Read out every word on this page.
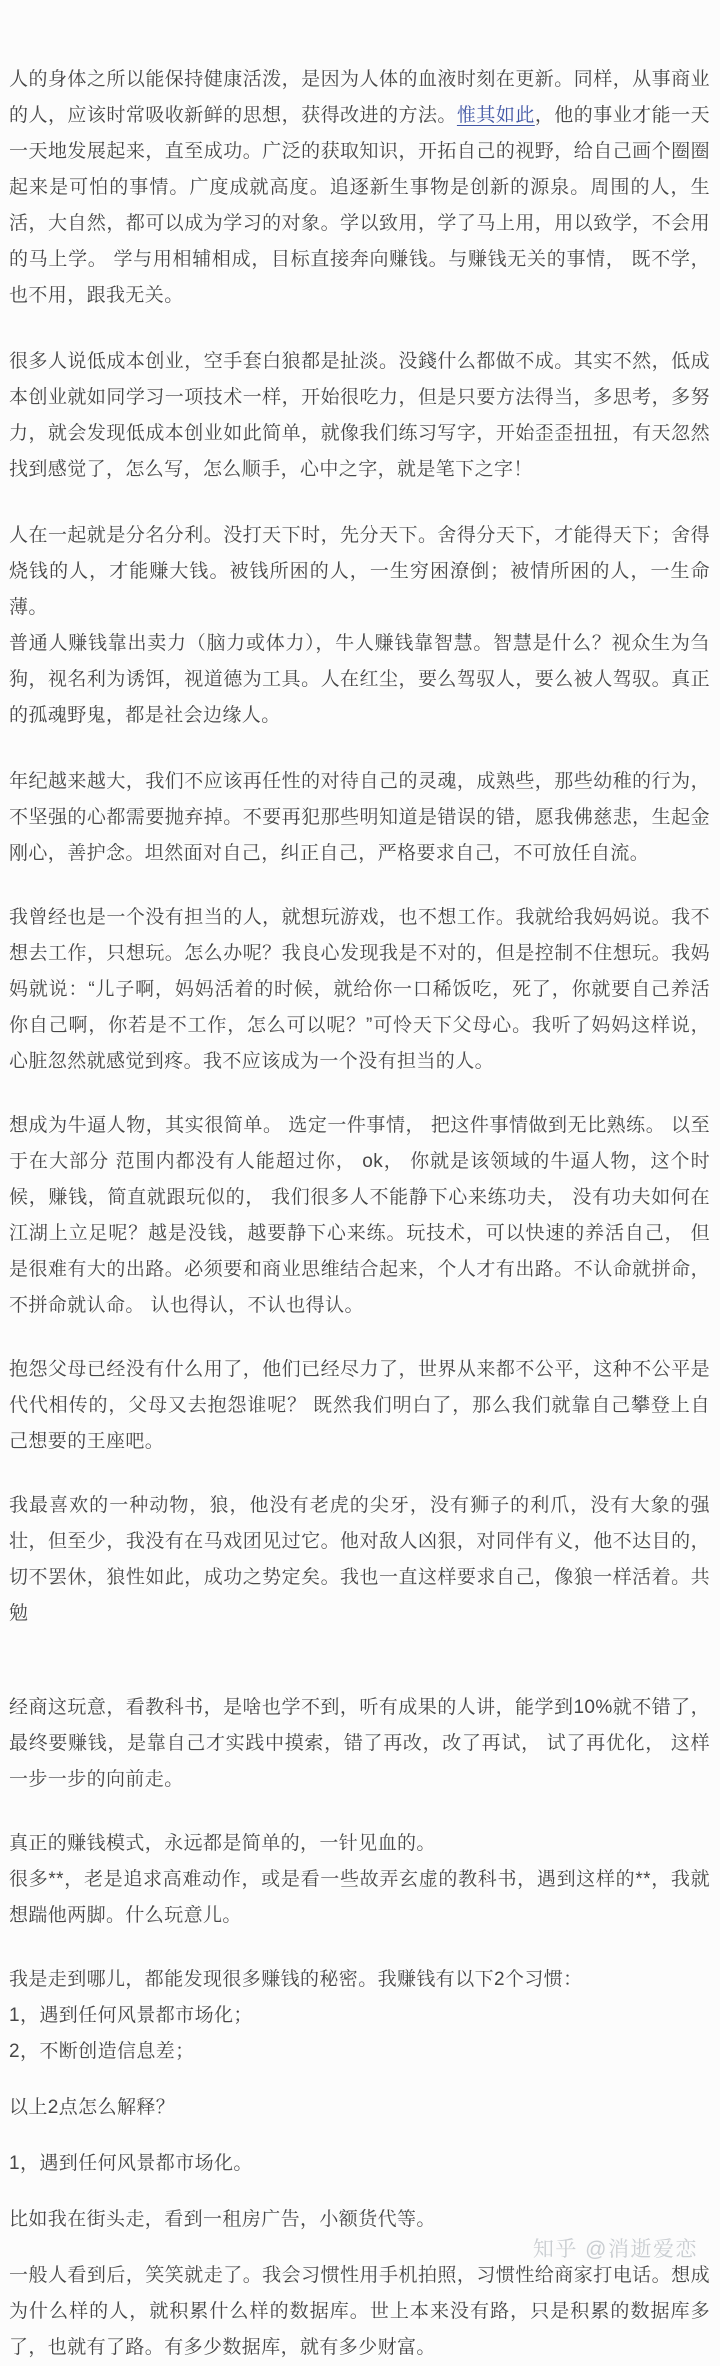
人的身体之所以能保持健康活泼，是因为人体的血液时刻在更新。同样，从事商业的人，应该时常吸收新鲜的思想，获得改进的方法。惟其如此，他的事业才能一天一天地发展起来，直至成功。广泛的获取知识，开拓自己的视野，给自己画个圈圈起来是可怕的事情。广度成就高度。追逐新生事物是创新的源泉。周围的人，生活，大自然，都可以成为学习的对象。学以致用，学了马上用，用以致学，不会用的马上学。 学与用相辅相成，目标直接奔向赚钱。与赚钱无关的事情， 既不学，也不用，跟我无关。

很多人说低成本创业，空手套白狼都是扯淡。没錢什么都做不成。其实不然，低成本创业就如同学习一项技术一样，开始很吃力，但是只要方法得当，多思考，多努力，就会发现低成本创业如此简单，就像我们练习写字，开始歪歪扭扭，有天忽然找到感觉了，怎么写，怎么顺手，心中之字，就是笔下之字！

人在一起就是分名分利。没打天下时，先分天下。舍得分天下，才能得天下；舍得烧钱的人，才能赚大钱。被钱所困的人，一生穷困潦倒；被情所困的人，一生命薄。

普通人赚钱靠出卖力（脑力或体力），牛人赚钱靠智慧。智慧是什么？视众生为刍狗，视名利为诱饵，视道德为工具。人在红尘，要么驾驭人，要么被人驾驭。真正的孤魂野鬼，都是社会边缘人。

年纪越来越大，我们不应该再任性的对待自己的灵魂，成熟些，那些幼稚的行为，不坚强的心都需要抛弃掉。不要再犯那些明知道是错误的错，愿我佛慈悲，生起金刚心，善护念。坦然面对自己，纠正自己，严格要求自己，不可放任自流。

我曾经也是一个没有担当的人，就想玩游戏，也不想工作。我就给我妈妈说。我不想去工作，只想玩。怎么办呢？我良心发现我是不对的，但是控制不住想玩。我妈妈就说：“儿子啊，妈妈活着的时候，就给你一口稀饭吃，死了，你就要自己养活你自己啊，你若是不工作，怎么可以呢？”可怜天下父母心。我听了妈妈这样说，心脏忽然就感觉到疼。我不应该成为一个没有担当的人。

想成为牛逼人物，其实很简单。 选定一件事情， 把这件事情做到无比熟练。 以至于在大部分 范围内都没有人能超过你， ok， 你就是该领域的牛逼人物，这个时候，赚钱，简直就跟玩似的， 我们很多人不能静下心来练功夫， 没有功夫如何在江湖上立足呢？越是没钱，越要静下心来练。玩技术，可以快速的养活自己， 但是很难有大的出路。必须要和商业思维结合起来，个人才有出路。不认命就拼命，不拼命就认命。 认也得认，不认也得认。

抱怨父母已经没有什么用了，他们已经尽力了，世界从来都不公平，这种不公平是代代相传的，父母又去抱怨谁呢？ 既然我们明白了，那么我们就靠自己攀登上自己想要的王座吧。

我最喜欢的一种动物，狼，他没有老虎的尖牙，没有狮子的利爪，没有大象的强壮，但至少，我没有在马戏团见过它。他对敌人凶狠，对同伴有义，他不达目的，切不罢休，狼性如此，成功之势定矣。我也一直这样要求自己，像狼一样活着。共勉

经商这玩意，看教科书，是啥也学不到，听有成果的人讲，能学到10%就不错了， 最终要赚钱，是靠自己才实践中摸索，错了再改，改了再试， 试了再优化， 这样一步一步的向前走。

真正的赚钱模式，永远都是简单的，一针见血的。

很多**，老是追求高难动作，或是看一些故弄玄虚的教科书，遇到这样的**，我就想踹他两脚。什么玩意儿。

我是走到哪儿，都能发现很多赚钱的秘密。我赚钱有以下2个习惯：

1，遇到任何风景都市场化；

2，不断创造信息差；

以上2点怎么解释？

1，遇到任何风景都市场化。

比如我在街头走，看到一租房广告，小额货代等。

一般人看到后，笑笑就走了。我会习惯性用手机拍照，习惯性给商家打电话。想成为什么样的人，就积累什么样的数据库。世上本来没有路，只是积累的数据库多了，也就有了路。有多少数据库，就有多少财富。

知乎 @消逝爱恋
